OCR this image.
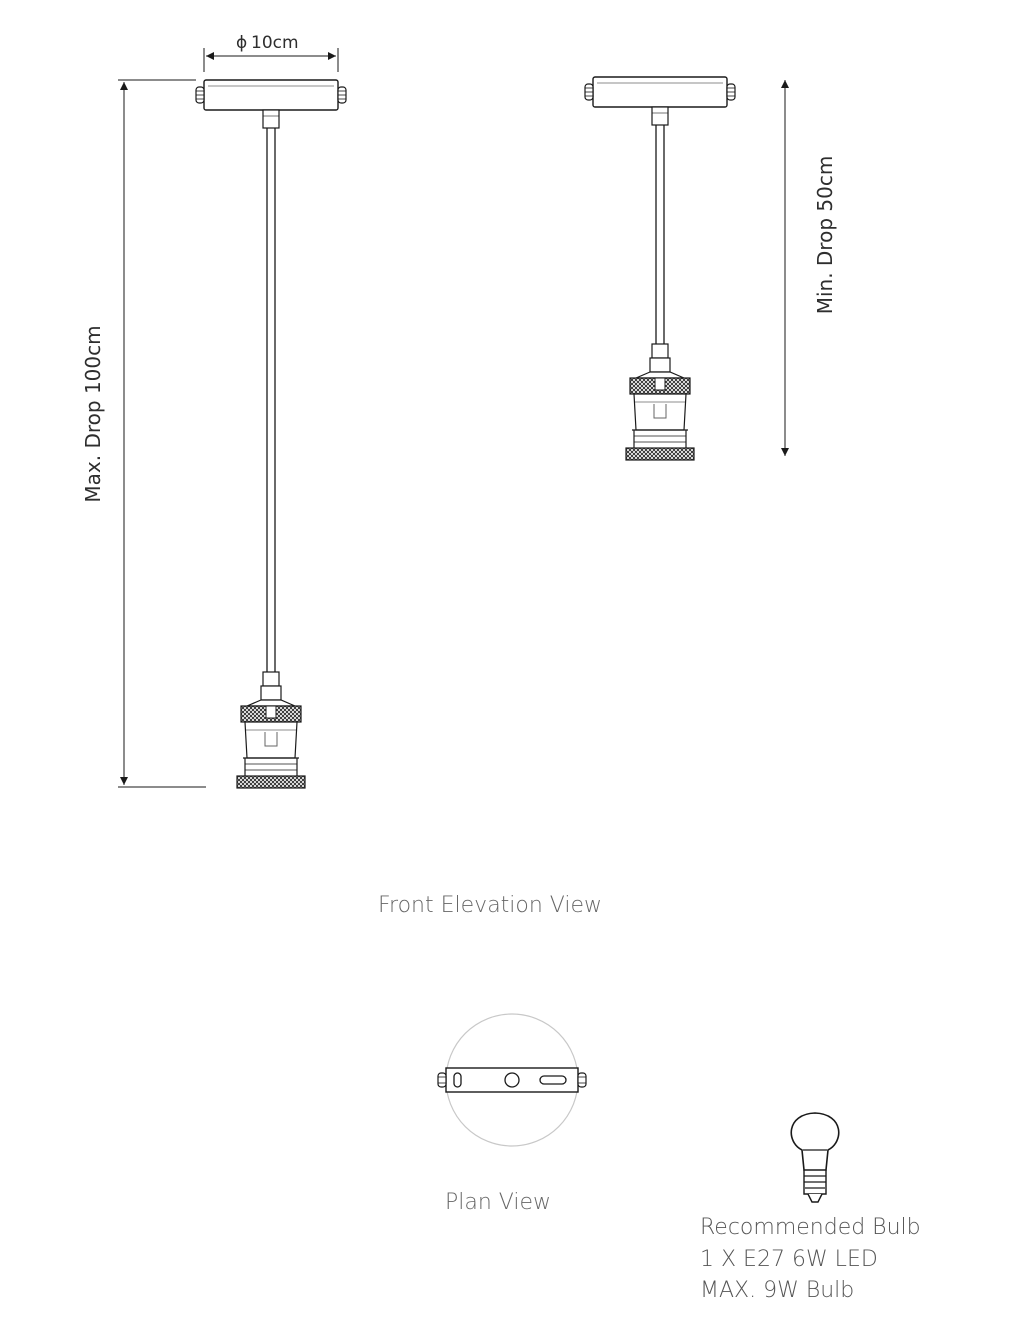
ϕ 10cm
Max. Drop 100cm
Min. Drop 50cm
Front Elevation View
Plan View
Recommended Bulb
1 X E27 6W LED
MAX. 9W Bulb
